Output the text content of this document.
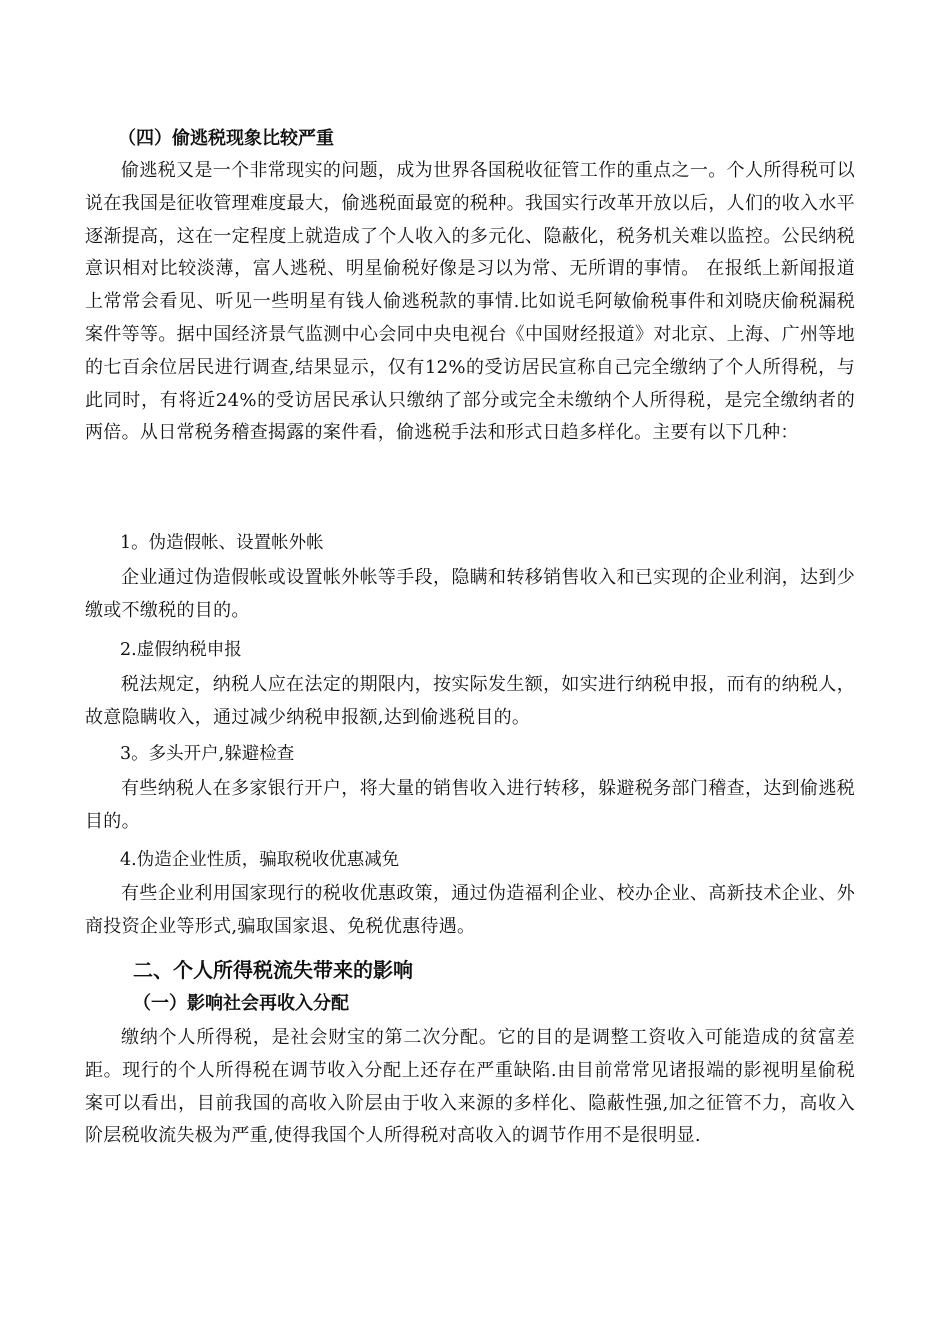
（四）偷逃税现象比较严重

偷逃税又是一个非常现实的问题，成为世界各国税收征管工作的重点之一。个人所得税可以说在我国是征收管理难度最大，偷逃税面最宽的税种。我国实行改革开放以后，人们的收入水平逐渐提高，这在一定程度上就造成了个人收入的多元化、隐蔽化，税务机关难以监控。公民纳税意识相对比较淡薄，富人逃税、明星偷税好像是习以为常、无所谓的事情。 在报纸上新闻报道上常常会看见、听见一些明星有钱人偷逃税款的事情.比如说毛阿敏偷税事件和刘晓庆偷税漏税案件等等。据中国经济景气监测中心会同中央电视台《中国财经报道》对北京、上海、广州等地的七百余位居民进行调查,结果显示，仅有12%的受访居民宣称自己完全缴纳了个人所得税，与此同时，有将近24%的受访居民承认只缴纳了部分或完全未缴纳个人所得税，是完全缴纳者的两倍。从日常税务稽查揭露的案件看，偷逃税手法和形式日趋多样化。主要有以下几种：

1。伪造假帐、设置帐外帐

企业通过伪造假帐或设置帐外帐等手段，隐瞒和转移销售收入和已实现的企业利润，达到少缴或不缴税的目的。

2.虚假纳税申报

税法规定，纳税人应在法定的期限内，按实际发生额，如实进行纳税申报，而有的纳税人，故意隐瞒收入，通过减少纳税申报额,达到偷逃税目的。

3。多头开户,躲避检查

有些纳税人在多家银行开户，将大量的销售收入进行转移，躲避税务部门稽查，达到偷逃税目的。

4.伪造企业性质，骗取税收优惠减免

有些企业利用国家现行的税收优惠政策，通过伪造福利企业、校办企业、高新技术企业、外商投资企业等形式,骗取国家退、免税优惠待遇。

二、个人所得税流失带来的影响
（一）影响社会再收入分配

缴纳个人所得税，是社会财宝的第二次分配。它的目的是调整工资收入可能造成的贫富差距。现行的个人所得税在调节收入分配上还存在严重缺陷.由目前常常见诸报端的影视明星偷税案可以看出，目前我国的高收入阶层由于收入来源的多样化、隐蔽性强,加之征管不力，高收入阶层税收流失极为严重,使得我国个人所得税对高收入的调节作用不是很明显.
